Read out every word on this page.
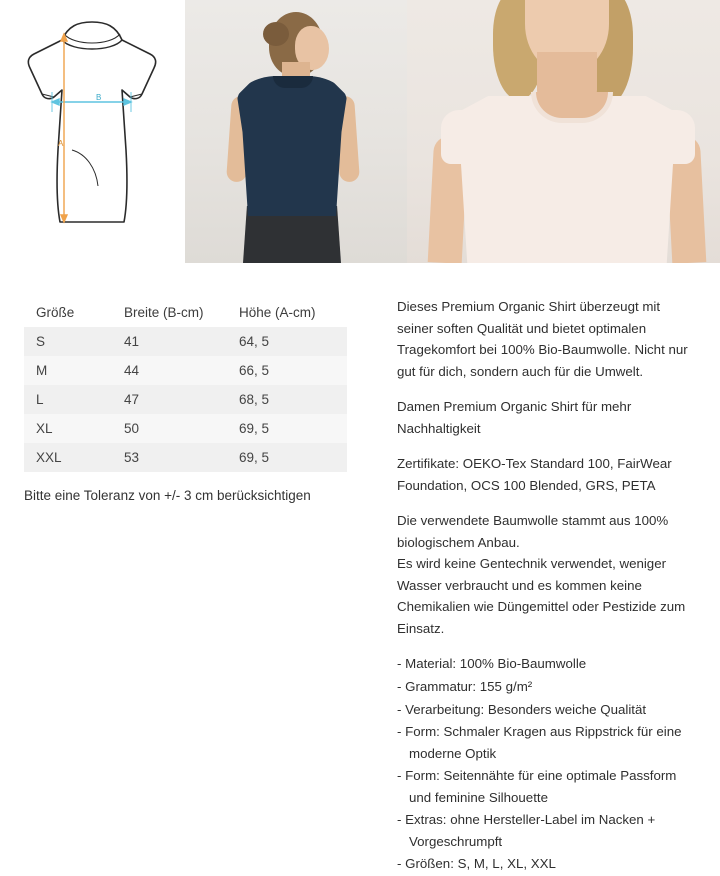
B
A
Größe	Breite (B-cm)	Höhe (A-cm)
S	41	64, 5
M	44	66, 5
L	47	68, 5
XL	50	69, 5
XXL	53	69, 5
Bitte eine Toleranz von +/- 3 cm berücksichtigen

Dieses Premium Organic Shirt überzeugt mit seiner soften Qualität und bietet optimalen Tragekomfort bei 100% Bio-Baumwolle. Nicht nur gut für dich, sondern auch für die Umwelt.

Damen Premium Organic Shirt für mehr Nachhaltigkeit

Zertifikate: OEKO-Tex Standard 100, FairWear Foundation, OCS 100 Blended, GRS, PETA

Die verwendete Baumwolle stammt aus 100% biologischem Anbau.

Es wird keine Gentechnik verwendet, weniger Wasser verbraucht und es kommen keine Chemikalien wie Düngemittel oder Pestizide zum Einsatz.

- Material: 100% Bio-Baumwolle
- Grammatur: 155 g/m²
- Verarbeitung: Besonders weiche Qualität
- Form: Schmaler Kragen aus Rippstrick für eine moderne Optik
- Form: Seitennähte für eine optimale Passform und feminine Silhouette
- Extras: ohne Hersteller-Label im Nacken + Vorgeschrumpft
- Größen: S, M, L, XL, XXL
